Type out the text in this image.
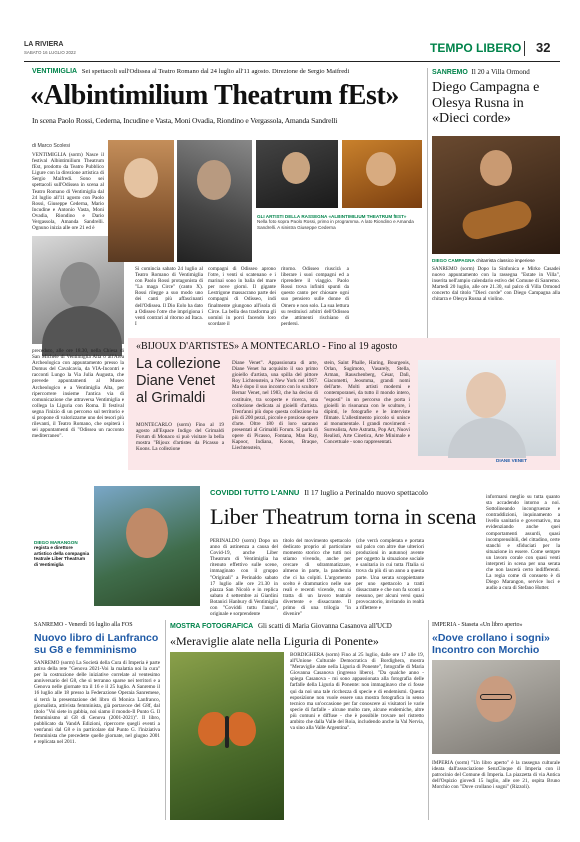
LA RIVIERA
SABATO 16 LUGLIO 2022	TEMPO LIBERO 32
VENTIMIGLIA Sei spettacoli sull'Odissea al Teatro Romano dal 24 luglio all'11 agosto. Direzione de Sergio Maifredi
«Albintimilium Theatrum fEst»
In scena Paolo Rossi, Cederna, Incudine e Vasta, Moni Ovadia, Riondino e Vergassola, Amanda Sandrelli
di Marco Scolesi
VENTIMIGLIA (sorm) Nasce il festival Albintimilium Theatrum fEst, prodotto da Teatro Pubblico Ligure con la direzione artistica di Sergio Maifredi. Sono sei spettacoli sull'Odissea in scena al Teatro Romano di Ventimiglia dal 24 luglio all'11 agosto con Paolo Rossi, Giuseppe Cederna, Mario Incudine e Antonio Vasta, Moni Ovadia, Riondino e Dario Vergassola, Amanda Sandrelli. Ognuno inizia alle ore 21 ed è
preceduto, alle ore 18.30, nella Chiesa di San Michele di Ventimiglia Alta o all'Area Archeologica con appuntamento presso la Domus del Cavalcavia, da VIA-Incontri e racconti Lungo la Via Julia Augusta, che prevede appuntamenti al Museo Archeologico e a Ventimiglia Alta, per ripercorrere insieme l'antica via di comunicazione che attraversa Ventimiglia e collega la Liguria con Roma. Il festival segna l'inizio di un percorso sul territorio e si propone di valorizzarne uno dei tesori più rilevanti, il Teatro Romano, che ospiterà i sei appuntamenti di "Odissea un racconto mediterraneo".
GLI ARTISTI DELLA RASSEGNA «ALBINTIMILIUM THEATRUM fEST»
Nella foto sopra Paolo Rossi, primo in programma. A lato Riondino e Amanda Sandrelli. A sinistra Giuseppe Cederna
Si comincia sabato 24 luglio al Teatro Romano di Ventimiglia con Paolo Rossi protagonista di "La maga Circe" (canto X). Rossi rilegge a suo modo uno dei canti più affascinanti dell'Odissea. Il Dio Eolo ha dato a Odisseo l'otre che imprigiona i venti contrari al ritorno ad Itaca. I
compagni di Odisseo aprono l'otre, i venti si scatenano e i marinai sono in balìa del mare per nove giorni. Il gigante Lestrigone massacrano parte dei compagni di Odisseo, indi finalmente giungono all'isola di Circe. La bella dea trasforma gli uomini in porci facendo loro scordare il
ritorno. Odisseo riuscirà a liberare i suoi compagni ed a riprendere il viaggio. Paolo Rossi trova infiniti spunti da questo canto per chiosare ogni suo pensiero sulle donne di Omero e non solo. La sua lettura su restituisci arbitri dell'Odissea che attimenti rischiano di perdersi.
SANREMO Il 20 a Villa Ormond
Diego Campagna e Olesya Rusna in «Dieci corde»
DIEGO CAMPAGNA chitarrista classico imperiese
SANREMO (sorm) Dopo la Sinfonica e Mirko Casadei nuovo appuntamento con la rassegna "Estate in Villa", inserita nell'ampio calendario estivo del Comune di Sanremo. Martedì 20 luglio, alle ore 21.30, sul palco di Villa Ormond concerto dal titolo "Dieci corde" con Diego Campagna alla chitarra e Olesya Rusna al violino.
«BIJOUX D'ARTISTES» A MONTECARLO - Fino al 19 agosto
La collezione Diane Venet al Grimaldi
MONTECARLO (sorm) Fino al 19 agosto all'Espace Indigo del Grimaldi Forum di Monaco si può visitare la bella mostra "Bijoux d'artistes da Picasso a Koons. La collezione
Diane Venet". Appassionata di arte, Diane Venet ha acquisito il suo primo gioiello d'artista, una spilla del pittore Roy Lichtenstein, a New York nel 1967. Ma è dopo il suo incontro con lo scultore Bernar Venet, nel 1983, che ha deciso di costituire, tra scoperte e ricerca, una collezione dedicata ai gioielli d'artista. Trent'anni più dopo questa collezione ha più di 200 pezzi, piccole e preziose opere d'arte. Oltre 180 di loro saranno presentati al Grimaldi Forum. Si parla di opere di Picasso, Fontana, Man Ray, Kapoor, Indiana, Koons, Braque, Liechtenstein,
stein, Saint Phalle, Haring, Bourgeois, Orlan, Sugimoto, Vasarely, Stella, Arman, Rauschenberg, César, Dalì, Giacometti, Jeosmma, grandi nomi dell'arte. Molti artisti moderni e contemporanei, da tutto il mondo intero, "esposti" in un percorso che porta i gioielli in risonanza con le sculture, i dipinti, le fotografie e le interviste filmate. L'allestimento piccolo si unisce al monumentale. I grandi movimenti - Surrealista, Arte Astratta, Pop Art, Nuovi Realisti, Arte Cinetica, Arte Minimale e Concettuale - sono rappresentati.
DIANE VENET
DIEGO MARANGON
regista e direttore artistico della compagnia teatrale Liber Theatrum di Ventimiglia
COVIDDI TUTTO L'ANNU Il 17 luglio a Perinaldo nuovo spettacolo
Liber Theatrum torna in scena
PERINALDO (sorm) Dopo un anno di astinenza a causa del Covid-19, anche Liber Theatrum di Ventimiglia ha ritenuto effettivo sulle scene, immaginato con il gruppo "Originali" a Perinaldo sabato 17 luglio alle ore 21.30 in piazza San Nicolò e in replica sabato 4 settembre ai Giardini Botanici Hanbury di Ventimiglia con "Coviddi tuttu l'annu", originale e sorprendente
titolo del movimento spettacolo dedicato proprio al particolare momento storico che tutti noi stiamo vivendo, anche per cercare di sdrammatizzare, almeno in parte, la pandemia che ci ha colpiti. L'argomento scelto è drammatico nelle sue reali e recenti vicende, ma si tratta di un lavoro teatrale divertente e dissacrante. Il primo di una trilogia "in divenire"
(che verrà completata e portata sul palco con altre due ulteriori produzioni in autunno) avente per oggetto la situazione sociale e sanitaria in cui tutta l'Italia si trova da più di un anno a questa parte. Una serata scoppiettante per uno spettacolo a tratti dissacrante e che non fa sconti a nessuno, per alcuni versi quasi provocatorio, invitando in realtà a riflettere e
informarsi meglio su tutta quanto sta accadendo intorno a noi. Sottolineando incongruenze e contraddizioni, inquinamento a livello sanitario e governativo, ma evidenziando anche quei comportamenti assurdi, quasi incomprensibili, del cittadino, certe stanchi e sfiduciati per la situazione in essere. Come sempre un lavoro corale con quasi venti interpreti in scena per una serata che non lascerà certo indifferenti. La regia come di consueto è di Diego Marangon, service luci e audio a cura di Stefano Hutter.
SANREMO - Venerdì 16 luglio alla FOS
Nuovo libro di Lanfranco su G8 e femminismo
SANREMO (sorm) La Società della Cura di Imperia è parte attiva della rete "Genova 2021-Voi la malattia noi la cura" per la costruzione delle iniziative correlate al ventesimo anniversario del G8, che si terranno sparse nei territori e a Genova nelle giornate tra il 16 e il 25 luglio. A Sanremo il 16 luglio alle 18 presso la Federazione Operaia Sanremese, si terrà la presentazione del libro di Monica Lanfranco, giornalista, attivista femminista, già portavoce del G8f, dal titolo "Voi siete in gabbia, noi siamo il mondo-Il Punto G. Il femminismo al G8 di Genova (2001-2021)". Il libro, pubblicato da VandA Edizioni, ripercorre quegli eventi a vent'anni dal G8 e in particolare dal Punto G. l'iniziativa femminista che precedette quelle giornate, nel giugno 2001 e replicata nel 2011.
MOSTRA FOTOGRAFICA Gli scatti di Maria Giovanna Casanova all'UCD
«Meraviglie alate nella Liguria di Ponente»
BORDIGHERA (sorm) Fino al 25 luglio, dalle ore 17 alle 19, all'Unione Culturale Democratica di Bordighera, mostra "Meraviglie alate nella Liguria di Ponente", fotografie di Maria Giovanna Casanova (ingresso libero). "Da qualche anno - spiega Casanova - mi sono appassionata alla fotografia delle farfalle della Liguria di Ponente: non immaginavo che ci fosse qui da noi una tale ricchezza di specie e di endemismi. Questa esposizione non vuole essere una mostra fotografica in senso tecnico ma un'occasione per far conoscere ai visitatori le varie specie di farfalle - alcune molto rare, alcune endemiche, altre più comuni e diffuse - che è possibile trovare nel ristretto ambito che dalla Valle del Roia, includendo anche la Val Nervia, va sino alla Valle Argentina".
IMPERIA - Staseta «Un libro aperto»
«Dove crollano i sogni» Incontro con Morchio
IMPERIA (sorm) "Un libro aperto" è la rassegna culturale ideata dall'associazione SenzCinque di Imperia con il patrocinio del Comune di Imperia. La piazzetta di via Antica dell'Ospizio giovedì 15 luglio, alle ore 21, ospita Bruno Morchio con "Dove crollano i sogni" (Rizzoli).
